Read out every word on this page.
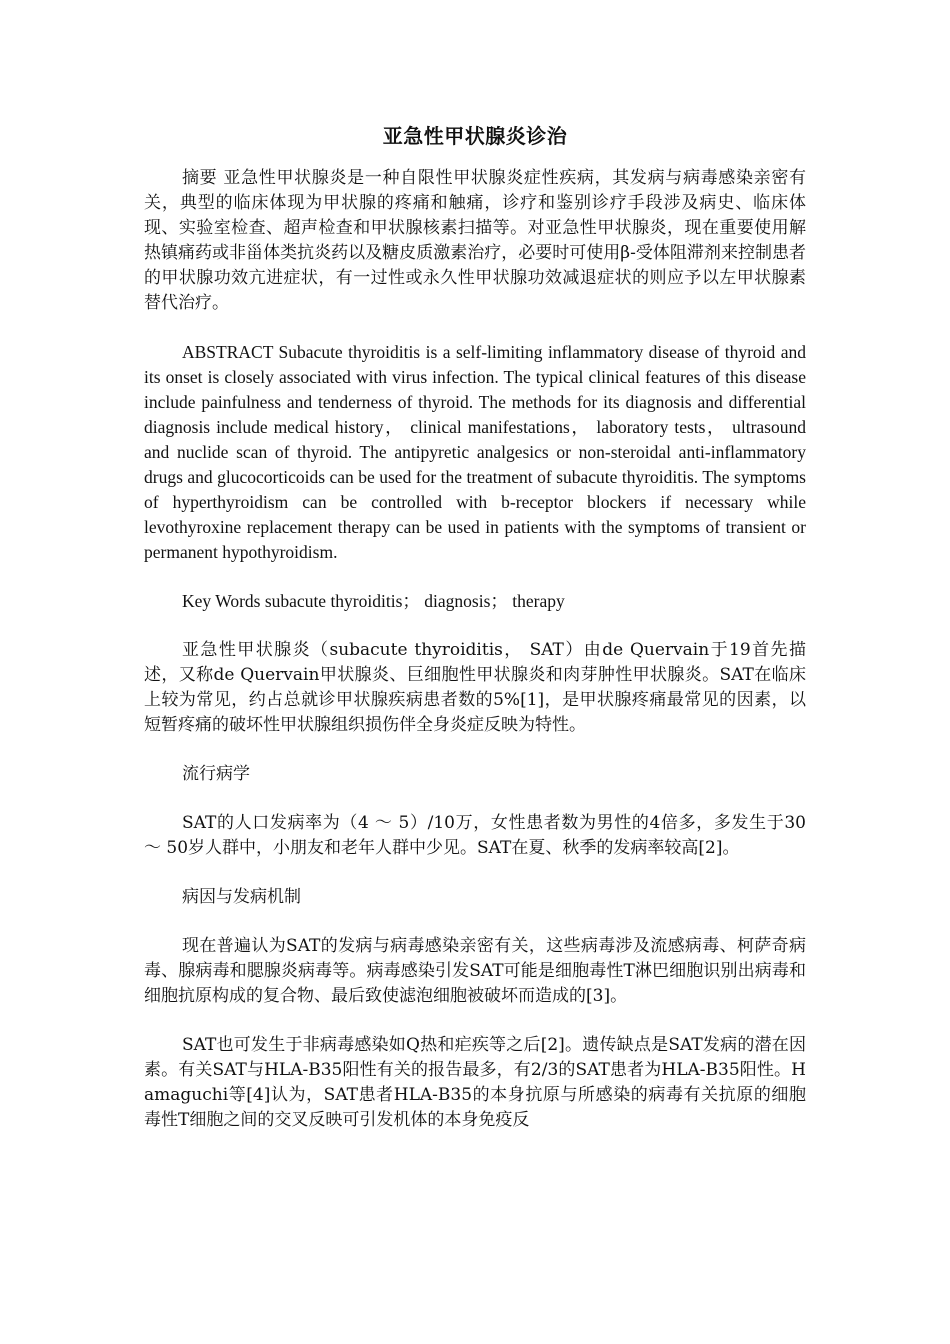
亚急性甲状腺炎诊治

摘要 亚急性甲状腺炎是一种自限性甲状腺炎症性疾病，其发病与病毒感染亲密有关，典型的临床体现为甲状腺的疼痛和触痛，诊疗和鉴别诊疗手段涉及病史、临床体现、实验室检查、超声检查和甲状腺核素扫描等。对亚急性甲状腺炎，现在重要使用解热镇痛药或非甾体类抗炎药以及糖皮质激素治疗，必要时可使用β-受体阻滞剂来控制患者的甲状腺功效亢进症状，有一过性或永久性甲状腺功效减退症状的则应予以左甲状腺素替代治疗。

ABSTRACT Subacute thyroiditis is a self-limiting inflammatory disease of thyroid and its onset is closely associated with virus infection. The typical clinical features of this disease include painfulness and tenderness of thyroid. The methods for its diagnosis and differential diagnosis include medical history， clinical manifestations， laboratory tests， ultrasound and nuclide scan of thyroid. The antipyretic analgesics or non-steroidal anti-inflammatory drugs and glucocorticoids can be used for the treatment of subacute thyroiditis. The symptoms of hyperthyroidism can be controlled with b-receptor blockers if necessary while levothyroxine replacement therapy can be used in patients with the symptoms of transient or permanent hypothyroidism.

Key Words subacute thyroiditis； diagnosis； therapy

亚急性甲状腺炎（subacute thyroiditis， SAT）由de Quervain于19首先描述，又称de Quervain甲状腺炎、巨细胞性甲状腺炎和肉芽肿性甲状腺炎。SAT在临床上较为常见，约占总就诊甲状腺疾病患者数的5%[1]，是甲状腺疼痛最常见的因素，以短暂疼痛的破坏性甲状腺组织损伤伴全身炎症反映为特性。

流行病学

SAT的人口发病率为（4 ～ 5）/10万，女性患者数为男性的4倍多，多发生于30 ～ 50岁人群中，小朋友和老年人群中少见。SAT在夏、秋季的发病率较高[2]。

病因与发病机制

现在普遍认为SAT的发病与病毒感染亲密有关，这些病毒涉及流感病毒、柯萨奇病毒、腺病毒和腮腺炎病毒等。病毒感染引发SAT可能是细胞毒性T淋巴细胞识别出病毒和细胞抗原构成的复合物、最后致使滤泡细胞被破坏而造成的[3]。

SAT也可发生于非病毒感染如Q热和疟疾等之后[2]。遗传缺点是SAT发病的潜在因素。有关SAT与HLA-B35阳性有关的报告最多，有2/3的SAT患者为HLA-B35阳性。Hamaguchi等[4]认为，SAT患者HLA-B35的本身抗原与所感染的病毒有关抗原的细胞毒性T细胞之间的交叉反映可引发机体的本身免疫反
